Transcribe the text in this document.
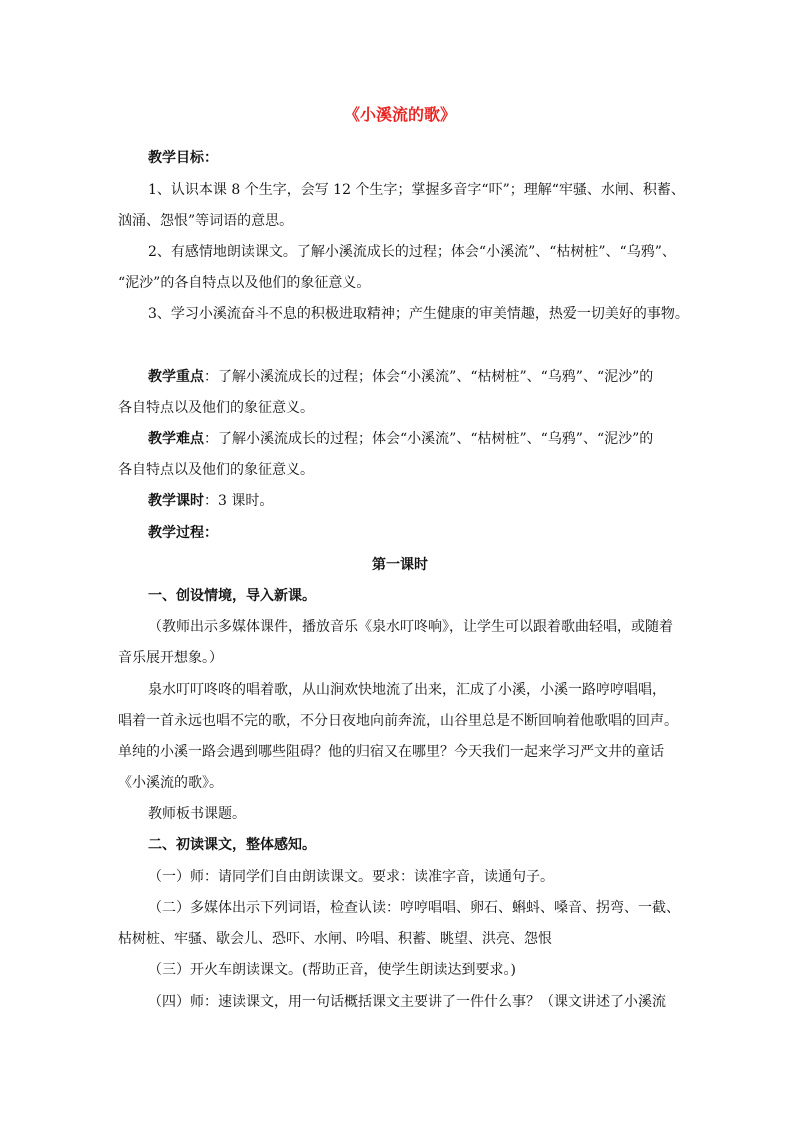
《小溪流的歌》
教学目标：
1、认识本课 8 个生字，会写 12 个生字；掌握多音字“吓”；理解“牢骚、水闸、积蓄、
汹涌、怨恨”等词语的意思。
2、有感情地朗读课文。了解小溪流成长的过程；体会“小溪流”、“枯树桩”、“乌鸦”、
“泥沙”的各自特点以及他们的象征意义。
3、学习小溪流奋斗不息的积极进取精神；产生健康的审美情趣，热爱一切美好的事物。
教学重点：了解小溪流成长的过程；体会“小溪流”、“枯树桩”、“乌鸦”、“泥沙”的
各自特点以及他们的象征意义。
教学难点：了解小溪流成长的过程；体会“小溪流”、“枯树桩”、“乌鸦”、“泥沙”的
各自特点以及他们的象征意义。
教学课时：3 课时。
教学过程：
第一课时
一、创设情境，导入新课。
（教师出示多媒体课件，播放音乐《泉水叮咚响》，让学生可以跟着歌曲轻唱，或随着
音乐展开想象。）
泉水叮叮咚咚的唱着歌，从山涧欢快地流了出来，汇成了小溪，小溪一路哼哼唱唱，
唱着一首永远也唱不完的歌，不分日夜地向前奔流，山谷里总是不断回响着他歌唱的回声。
单纯的小溪一路会遇到哪些阻碍？他的归宿又在哪里？今天我们一起来学习严文井的童话
《小溪流的歌》。
教师板书课题。
二、初读课文，整体感知。
（一）师：请同学们自由朗读课文。要求：读准字音，读通句子。
（二）多媒体出示下列词语，检查认读：哼哼唱唱、卵石、蝌蚪、嗓音、拐弯、一截、
枯树桩、牢骚、歇会儿、恐吓、水闸、吟唱、积蓄、眺望、洪亮、怨恨
（三）开火车朗读课文。(帮助正音，使学生朗读达到要求。)
（四）师：速读课文，用一句话概括课文主要讲了一件什么事？（课文讲述了小溪流
